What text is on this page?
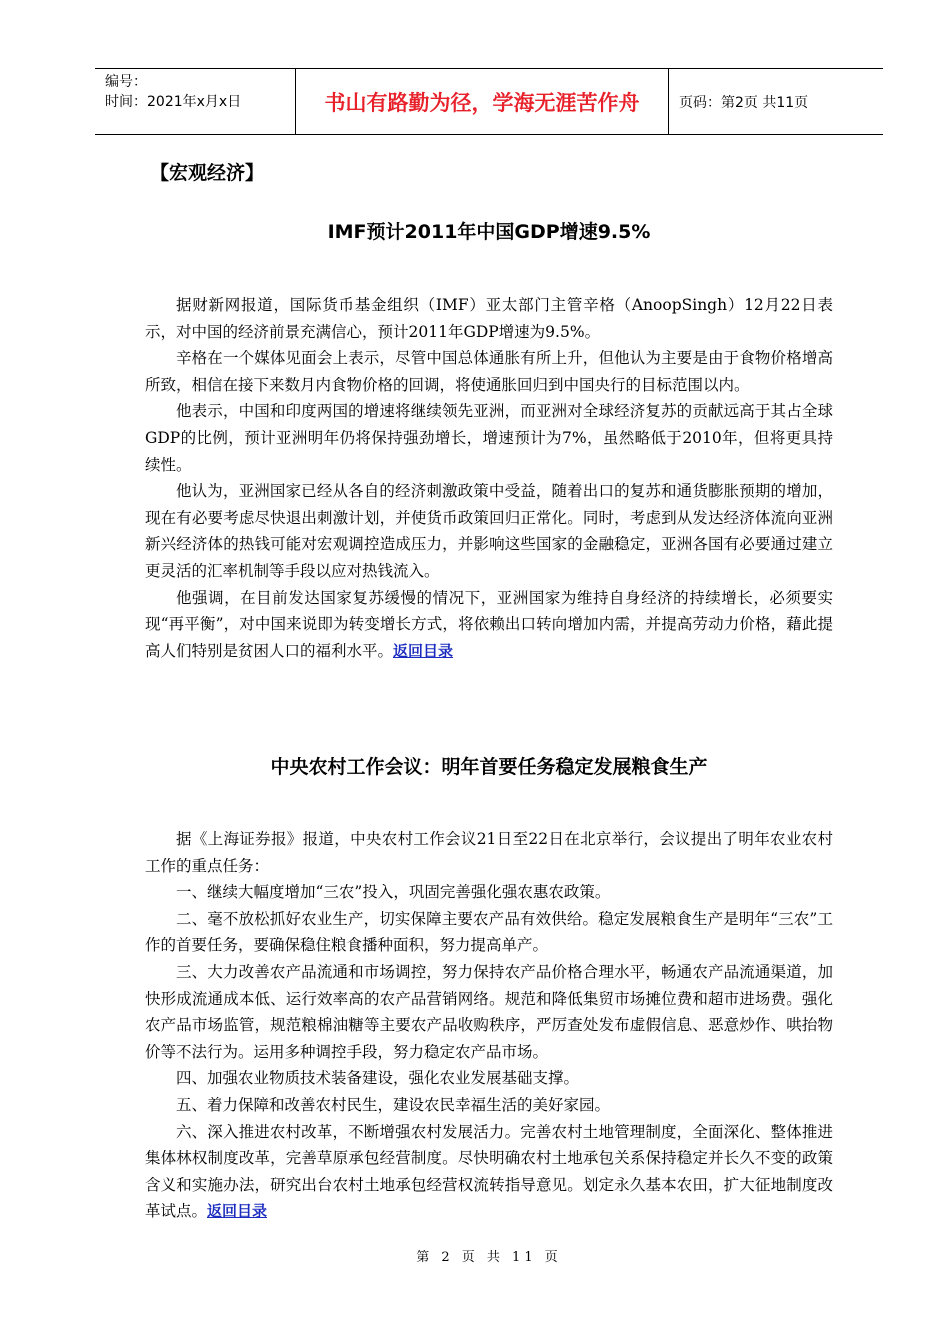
编号：
时间：2021年x月x日	书山有路勤为径，学海无涯苦作舟	页码：第2页 共11页
【宏观经济】
IMF预计2011年中国GDP增速9.5%

据财新网报道，国际货币基金组织（IMF）亚太部门主管辛格（AnoopSingh）12月22日表示，对中国的经济前景充满信心，预计2011年GDP增速为9.5%。

辛格在一个媒体见面会上表示，尽管中国总体通胀有所上升，但他认为主要是由于食物价格增高所致，相信在接下来数月内食物价格的回调，将使通胀回归到中国央行的目标范围以内。

他表示，中国和印度两国的增速将继续领先亚洲，而亚洲对全球经济复苏的贡献远高于其占全球GDP的比例，预计亚洲明年仍将保持强劲增长，增速预计为7%，虽然略低于2010年，但将更具持续性。

他认为，亚洲国家已经从各自的经济刺激政策中受益，随着出口的复苏和通货膨胀预期的增加，现在有必要考虑尽快退出刺激计划，并使货币政策回归正常化。同时，考虑到从发达经济体流向亚洲新兴经济体的热钱可能对宏观调控造成压力，并影响这些国家的金融稳定，亚洲各国有必要通过建立更灵活的汇率机制等手段以应对热钱流入。

他强调，在目前发达国家复苏缓慢的情况下，亚洲国家为维持自身经济的持续增长，必须要实现“再平衡”，对中国来说即为转变增长方式，将依赖出口转向增加内需，并提高劳动力价格，藉此提高人们特别是贫困人口的福利水平。返回目录

中央农村工作会议：明年首要任务稳定发展粮食生产

据《上海证券报》报道，中央农村工作会议21日至22日在北京举行，会议提出了明年农业农村工作的重点任务：

一、继续大幅度增加“三农”投入，巩固完善强化强农惠农政策。

二、毫不放松抓好农业生产，切实保障主要农产品有效供给。稳定发展粮食生产是明年“三农”工作的首要任务，要确保稳住粮食播种面积，努力提高单产。

三、大力改善农产品流通和市场调控，努力保持农产品价格合理水平，畅通农产品流通渠道，加快形成流通成本低、运行效率高的农产品营销网络。规范和降低集贸市场摊位费和超市进场费。强化农产品市场监管，规范粮棉油糖等主要农产品收购秩序，严厉查处发布虚假信息、恶意炒作、哄抬物价等不法行为。运用多种调控手段，努力稳定农产品市场。

四、加强农业物质技术装备建设，强化农业发展基础支撑。

五、着力保障和改善农村民生，建设农民幸福生活的美好家园。

六、深入推进农村改革，不断增强农村发展活力。完善农村土地管理制度，全面深化、整体推进集体林权制度改革，完善草原承包经营制度。尽快明确农村土地承包关系保持稳定并长久不变的政策含义和实施办法，研究出台农村土地承包经营权流转指导意见。划定永久基本农田，扩大征地制度改革试点。返回目录

第 2 页 共 11 页
